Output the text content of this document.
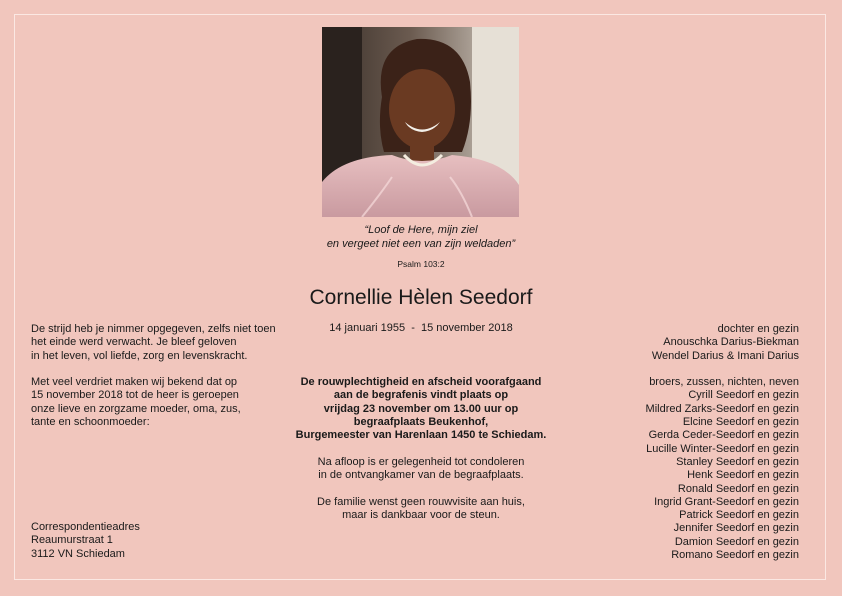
“Loof de Here, mijn ziel
en vergeet niet een van zijn weldaden”
Psalm 103:2
Cornellie Hèlen Seedorf
14 januari 1955  -  15 november 2018
De strijd heb je nimmer opgegeven, zelfs niet toen
het einde werd verwacht. Je bleef geloven
in het leven, vol liefde, zorg en levenskracht.
Met veel verdriet maken wij bekend dat op
15 november 2018 tot de heer is geroepen
onze lieve en zorgzame moeder, oma, zus,
tante en schoonmoeder:
Correspondentieadres
Reaumurstraat 1
3112 VN Schiedam
De rouwplechtigheid en afscheid voorafgaand
aan de begrafenis vindt plaats op
vrijdag 23 november om 13.00 uur op
begraafplaats Beukenhof,
Burgemeester van Harenlaan 1450 te Schiedam.
Na afloop is er gelegenheid tot condoleren
in de ontvangkamer van de begraafplaats.
De familie wenst geen rouwvisite aan huis,
maar is dankbaar voor de steun.
dochter en gezin
Anouschka Darius-Biekman
Wendel Darius & Imani Darius
broers, zussen, nichten, neven
Cyrill Seedorf en gezin
Mildred Zarks-Seedorf en gezin
Elcine Seedorf en gezin
Gerda Ceder-Seedorf en gezin
Lucille Winter-Seedorf en gezin
Stanley Seedorf en gezin
Henk Seedorf en gezin
Ronald Seedorf en gezin
Ingrid Grant-Seedorf en gezin
Patrick Seedorf en gezin
Jennifer Seedorf en gezin
Damion Seedorf en gezin
Romano Seedorf en gezin
